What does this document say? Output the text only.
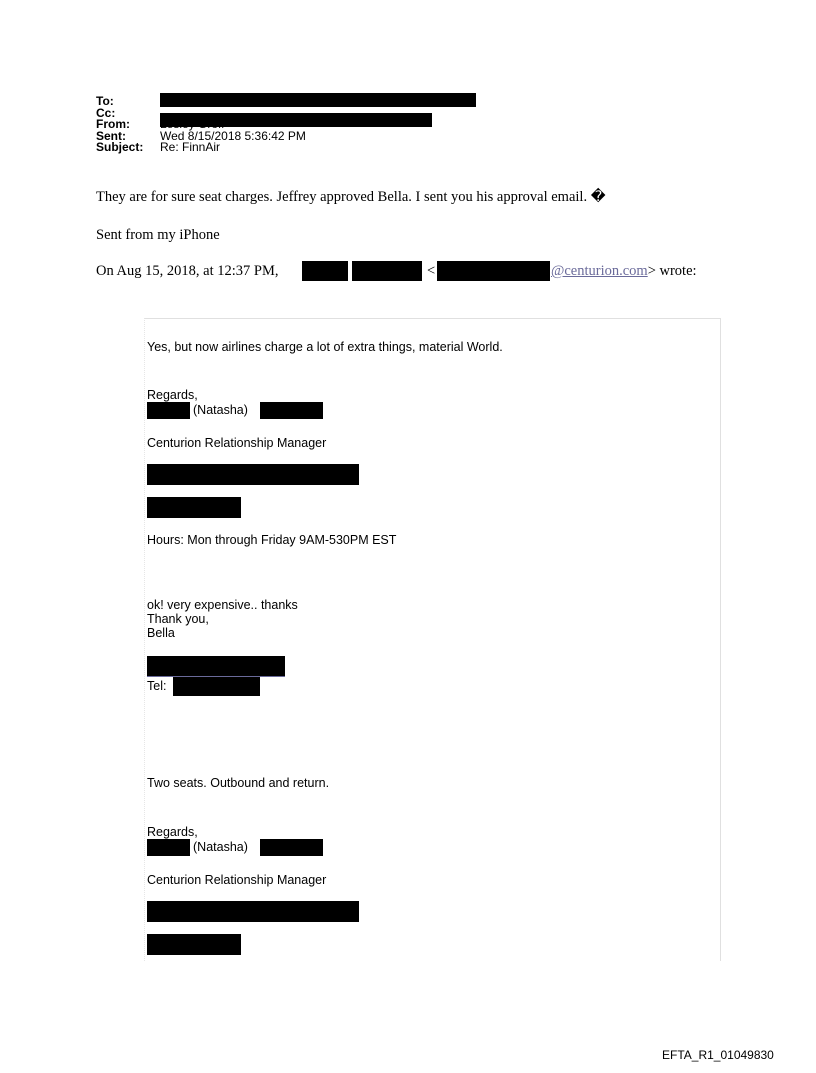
To:
Cc:
From:
Sent:	Wed 8/15/2018 5:36:42 PM
Subject:	Re: FinnAir
They are for sure seat charges. Jeffrey approved Bella. I sent you his approval email. �
Sent from my iPhone
On Aug 15, 2018, at 12:37 PM,	<	@centurion.com> wrote:
Yes, but now airlines charge a lot of extra things, material World.
Regards,
(Natasha)
Centurion Relationship Manager
Hours: Mon through Friday 9AM-530PM EST
ok! very expensive.. thanks
Thank you,
Bella
Tel:
Two seats. Outbound and return.
Regards,
(Natasha)
Centurion Relationship Manager
EFTA_R1_01049830
